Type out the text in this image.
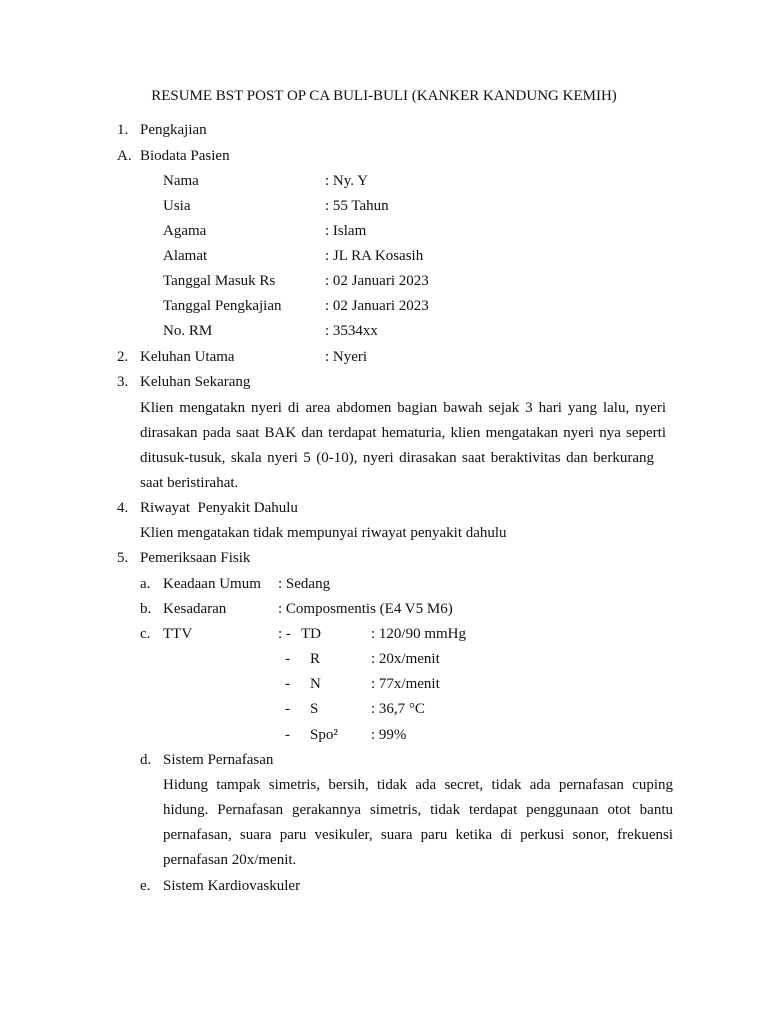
RESUME BST POST OP CA BULI-BULI (KANKER KANDUNG KEMIH)
1. Pengkajian
A. Biodata Pasien
Nama	: Ny. Y
Usia	: 55 Tahun
Agama	: Islam
Alamat	: JL RA Kosasih
Tanggal Masuk Rs	: 02 Januari 2023
Tanggal Pengkajian	: 02 Januari 2023
No. RM	: 3534xx
2. Keluhan Utama	: Nyeri
3. Keluhan Sekarang
Klien mengatakn nyeri di area abdomen bagian bawah sejak 3 hari yang lalu, nyeri
dirasakan pada saat BAK dan terdapat hematuria, klien mengatakan nyeri nya seperti
ditusuk-tusuk, skala nyeri 5 (0-10), nyeri dirasakan saat beraktivitas dan berkurang
saat beristirahat.
4. Riwayat  Penyakit Dahulu
Klien mengatakan tidak mempunyai riwayat penyakit dahulu
5. Pemeriksaan Fisik
a. Keadaan Umum : Sedang
b. Kesadaran	: Composmentis (E4 V5 M6)
c. TTV	: - TD	: 120/90 mmHg
- R	: 20x/menit
- N	: 77x/menit
- S	: 36,7 °C
- Spo² : 99%
d. Sistem Pernafasan
Hidung tampak simetris, bersih, tidak ada secret, tidak ada pernafasan cuping
hidung. Pernafasan gerakannya simetris, tidak terdapat penggunaan otot bantu
pernafasan, suara paru vesikuler, suara paru ketika di perkusi sonor, frekuensi
pernafasan 20x/menit.
e. Sistem Kardiovaskuler
